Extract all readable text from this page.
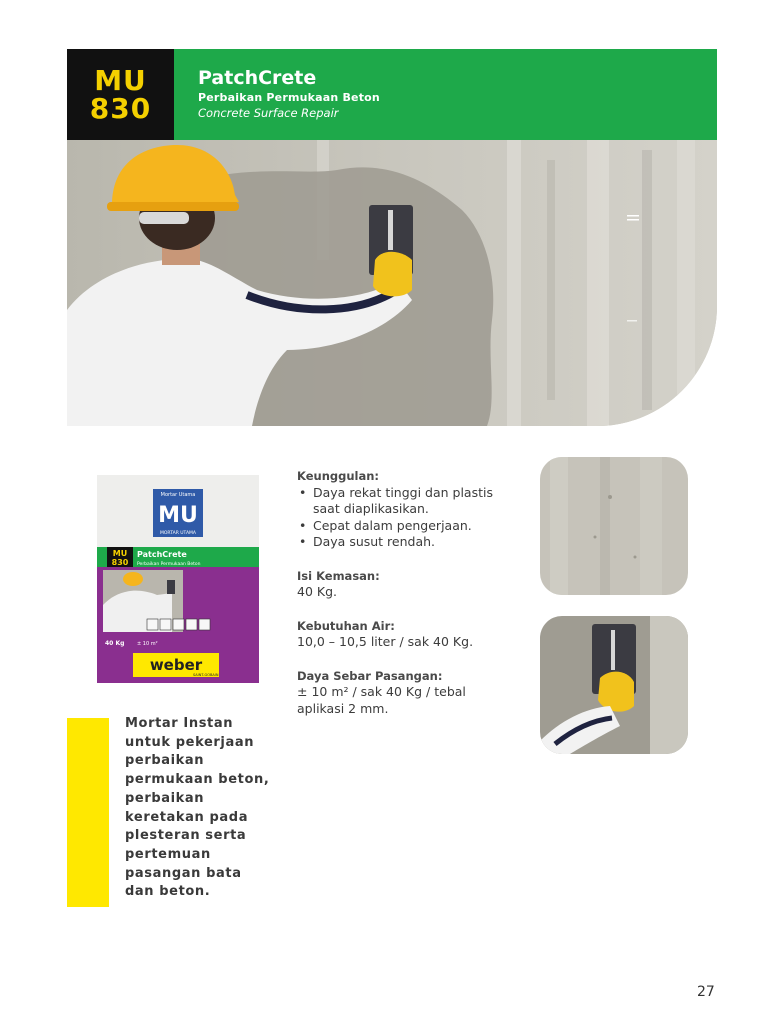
MU
830
PatchCrete
Perbaikan Permukaan Beton
Concrete Surface Repair
Mortar Utama
MU
MORTAR UTAMA
MU
830
PatchCrete
Perbaikan Permukaan Beton
40 Kg	± 10 m²
weber
SAINT-GOBAIN
Keunggulan:
• Daya rekat tinggi dan plastis saat diaplikasikan.
• Cepat dalam pengerjaan.
• Daya susut rendah.
Isi Kemasan:

40 Kg.

Kebutuhan Air:

10,0 – 10,5 liter / sak 40 Kg.

Daya Sebar Pasangan:

± 10 m² / sak 40 Kg / tebal aplikasi 2 mm.

Mortar Instan untuk pekerjaan perbaikan permukaan beton, perbaikan keretakan pada plesteran serta pertemuan pasangan bata dan beton.

27
